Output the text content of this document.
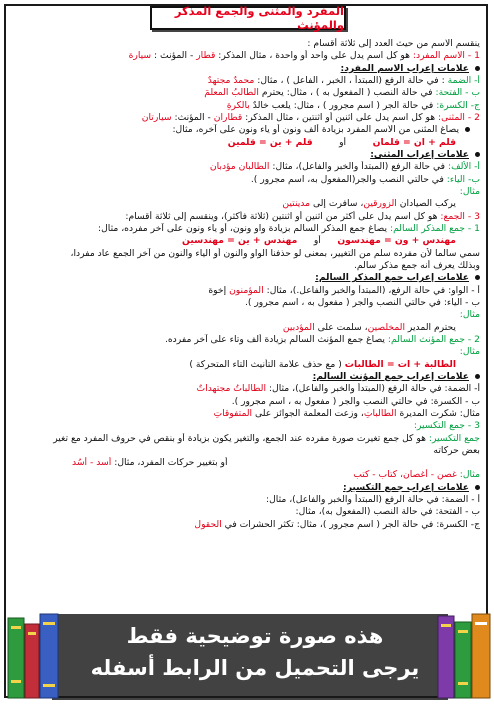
المفرد والمثنى والجمع المذكر والمؤنث
ينقسم الاسم من حيث العدد إلى ثلاثة أقسام :
1 - الاسم المفرد: هو كل اسم يدل على واحد أو واحدة ، مثال المذكر: قطار - المؤنث : سيارة
علامات إعراب الاسم المفرد:
أ- الضمة : في حالة الرفع (المبتدأ ، الخبر ، الفاعل ) ، مثال: محمدٌ مجتهدٌ
ب - الفتحة: في حالة النصب ( المفعول به ) ، مثال: يحترم الطالبُ المعلمَ
ج- الكسرة: في حالة الجر ( اسم مجرور ) ، مثال: يلعب خالدٌ بالكرةِ
2 - المثنى: هو كل اسم يدل على اثنين أو اثنتين ، مثال المذكر: قطاران - المؤنث: سيارتان
يصاغ المثنى من الاسم المفرد بزيادة ألف ونون أو ياء ونون على آخره، مثال:
قلم + ان = قلمانأوقلم + ين = قلمين
علامات إعراب المثنى:
أ- الألف: في حالة الرفع (المبتدأ والخبر والفاعل)، مثال: الطالبان مؤدبان
ب- الياء: في حالتي النصب والجر(المفعول به، اسم مجرور ).
مثال:
يركب الصيادان الزورقين، سافرت إلى مدينتين
3 - الجمع: هو كل اسم يدل على أكثر من اثنين أو اثنتين (ثلاثة فأكثر)، وينقسم إلى ثلاثة أقسام:
1 - جمع المذكر السالم: يصاغ جمع المذكر السالم بزيادة واو ونون، أو ياء ونون على آخر مفرده، مثال:
مهندس + ون = مهندسونأومهندس + ين = مهندسين
سمي سالما لأن مفرده سلم من التغيير، بمعنى لو حذفنا الواو والنون أو الياء والنون من آخر الجمع عاد مفردا،
وبذلك يعرف أنه جمع مذكر سالم.
علامات إعراب جمع المذكر السالم:
أ - الواو: في حالة الرفع، (المبتدأ والخبر والفاعل.)، مثال: المؤمنون إخوة
ب - الياء: في حالتي النصب والجر ( مفعول به ، اسم مجرور ).
مثال:
يحترم المدير المخلصين، سلمت على المؤدبين
2 - جمع المؤنث السالم: يصاغ جمع المؤنث السالم بزيادة ألف وتاء على آخر مفرده.
مثال:
الطالبة + ات = الطالبات ( مع حذف علامة التأنيث التاء المتحركة )
علامات إعراب جمع المؤنث السالم:
أ- الضمة: في حالة الرفع (المبتدأ والخبر والفاعل)، مثال: الطالباتُ مجتهداتٌ
ب - الكسرة: في حالتي النصب والجر ( مفعول به ، اسم مجرور ).
مثال: شكرت المديرة الطالباتِ، وزعت المعلمة الجوائز على المتفوقاتِ
3 - جمع التكسير:
جمع التكسير: هو كل جمع تغيرت صورة مفرده عند الجمع، والتغير يكون بزيادة أو بنقص في حروف المفرد مع تغير
بعض حركاته
أو بتغيير حركات المفرد، مثال: أسد - أُسُد
مثال: غصن - أغصان، كتاب - كتب
علامات إعراب جمع التكسير:
أ - الضمة: في حالة الرفع (المبتدأ والخبر والفاعل)، مثال:
ب - الفتحة: في حالة النصب (المفعول به)، مثال:
ج- الكسرة: في حالة الجر ( اسم مجرور )، مثال: تكثر الحشرات في الحقول
هذه صورة توضيحية فقط
يرجى التحميل من الرابط أسفله
